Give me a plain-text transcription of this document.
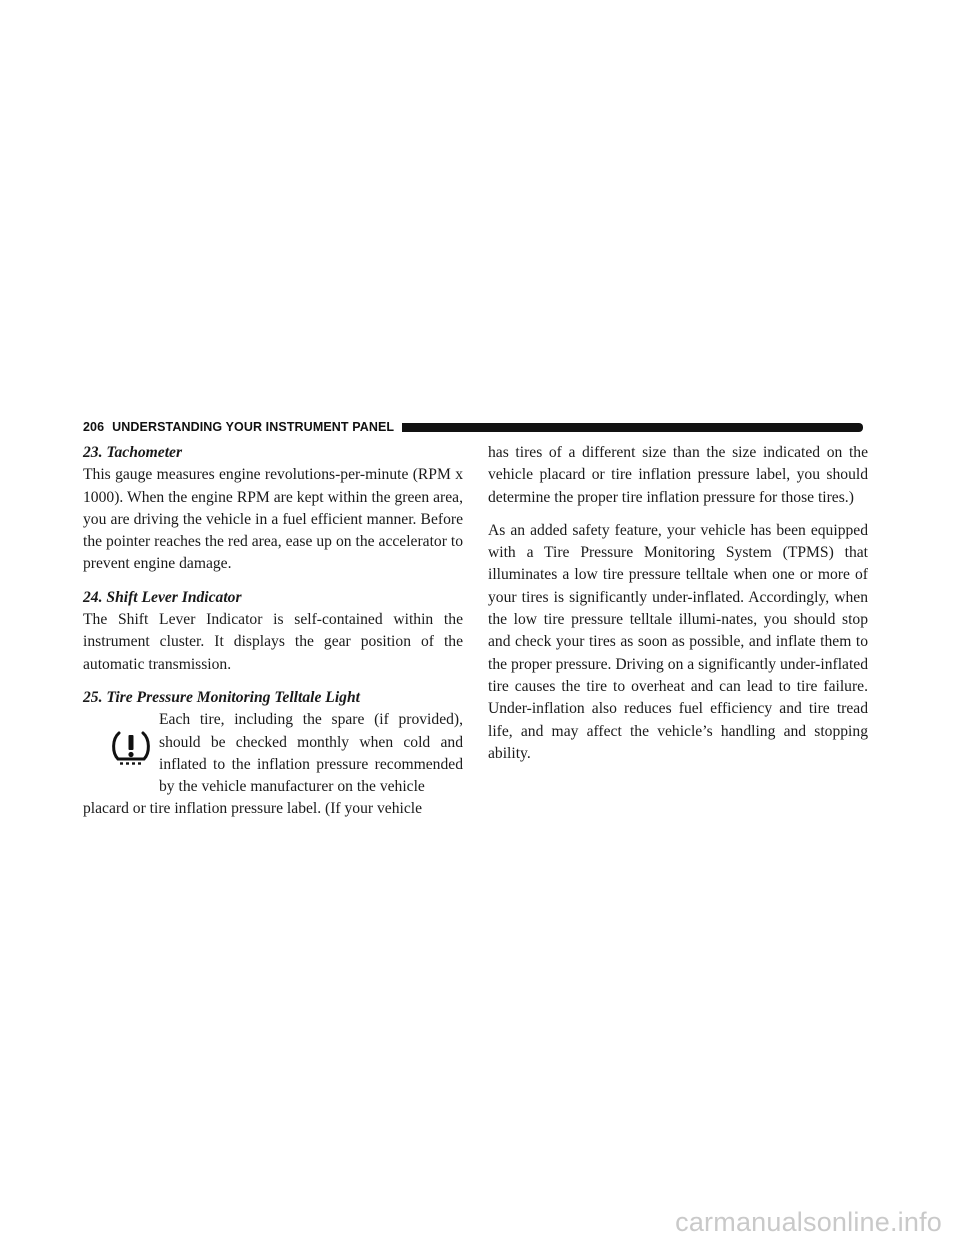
206 UNDERSTANDING YOUR INSTRUMENT PANEL
23. Tachometer

This gauge measures engine revolutions-per-minute (RPM x 1000). When the engine RPM are kept within the green area, you are driving the vehicle in a fuel efficient manner. Before the pointer reaches the red area, ease up on the accelerator to prevent engine damage.

24. Shift Lever Indicator

The Shift Lever Indicator is self-contained within the instrument cluster. It displays the gear position of the automatic transmission.

25. Tire Pressure Monitoring Telltale Light

Each tire, including the spare (if provided), should be checked monthly when cold and inflated to the inflation pressure recommended by the vehicle manufacturer on the vehicle

placard or tire inflation pressure label. (If your vehicle

has tires of a different size than the size indicated on the vehicle placard or tire inflation pressure label, you should determine the proper tire inflation pressure for those tires.)

As an added safety feature, your vehicle has been equipped with a Tire Pressure Monitoring System (TPMS) that illuminates a low tire pressure telltale when one or more of your tires is significantly under-inflated. Accordingly, when the low tire pressure telltale illumi-nates, you should stop and check your tires as soon as possible, and inflate them to the proper pressure. Driving on a significantly under-inflated tire causes the tire to overheat and can lead to tire failure. Under-inflation also reduces fuel efficiency and tire tread life, and may affect the vehicle’s handling and stopping ability.

carmanualsonline.info
